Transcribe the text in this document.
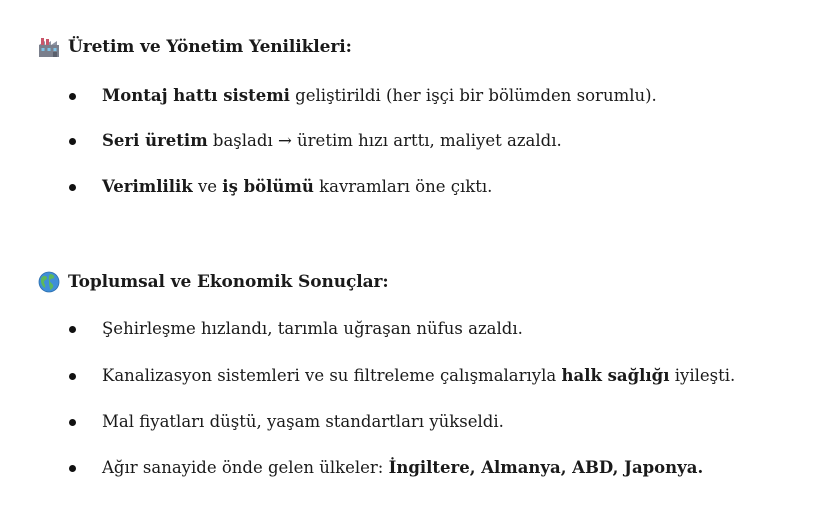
Üretim ve Yönetim Yenilikleri:
Montaj hattı sistemi geliştirildi (her işçi bir bölümden sorumlu).
Seri üretim başladı → üretim hızı arttı, maliyet azaldı.
Verimlilik ve iş bölümü kavramları öne çıktı.
Toplumsal ve Ekonomik Sonuçlar:
Şehirleşme hızlandı, tarımla uğraşan nüfus azaldı.
Kanalizasyon sistemleri ve su filtreleme çalışmalarıyla halk sağlığı iyileşti.
Mal fiyatları düştü, yaşam standartları yükseldi.
Ağır sanayide önde gelen ülkeler: İngiltere, Almanya, ABD, Japonya.
